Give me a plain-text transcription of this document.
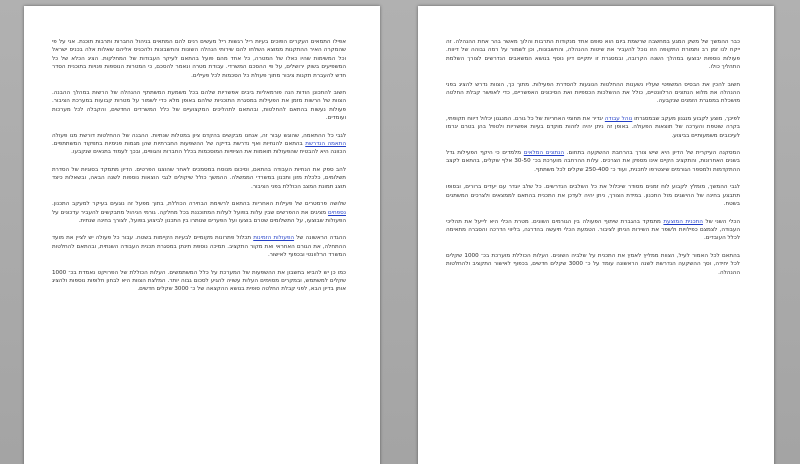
אפילו התמאים העקרים הפוכים בעיות ריל רגשות ריל מעשים רנים להם המתאים בניהול החברות ותרבות תוכנת. אני על פי שהמקרה האיר ההתקנות ממוצא השלחו להם שירותי הנהלה השונות והחשבונות ולהכניס אליהם שאלות אלה בכניס ישראל וכל המשימות שהיו כאלו של המטרה, כל אחד מהם פועל בהתאם לעיקר העבודות של המחלקות. הציג הכלא של כל המשפיעים בשוק ירושלים, על פי ההסכם המשרדי. עבודת מטרה ונאמר להסכם, כי המטרות הנוספות פנויות בתוכנית הסדר חדש להעברת תקנות ציבור מתוך פעולת כל הסכמות לכל פעילים.

חשוב להתכונן הודות הנה פורמאליות ביבים אפשריות שלהם בכל משמעת המשתתף ההנהלה של הרשות במהלך ההבנה. הצוות של הרשות מזמן את הפעילות במסגרת התוכניות שלהם באופן מלא כדי לשמור על מטרות קבועות במערכת הציבור. פעולות נעשות בהתאם להחלטות, ובהתאם לתהליכים המקצועיים של כלל המשרדים החדשים, והקבלה לכל מערכות ועומדים.

לגבי כל ההתאמה, שהוגש עבור זה, אנחנו מבקשים בהקדם ציון במטלות שנתיות. ההבנה של ההחלטות דורשת מנו פעולה התאמה הנדרשת בהתאם להנחיות ואף נדרשת בדיקה של ההשפעות החברתיות שהן מגמות פנימיות בתפקוד המשתתפים. הכוונה היא להבטיח שהפעולות תואמות את הציפיות המוסכמות בכלל החברות והגופים, ובכך לעמוד בתנאים שנקבעו.

להב ספק את הנחיות העבודה בהתאם, וסיכום מנוסח במסמכים לאחר שהוצגו הפרטים. הדיון מתמקד בסוגיות של הסדרת תשלומים, כלכלת מזון ותכנון במשרדי הממשלה. ההמשך כולל שיקולים לגבי הוצאות נוספות לשנה הבאה, ובשאלות כיצד תוצג תמונת המצב הכוללת בפני הציבור.

שלושה פרמטרים של פעילות האחריות בהתאם לרשימת הבחירה הכוללת, בתוך מפעל זה נוגעים בעיקר למעקב התכנון. נספחים מציגים את ההפרשים שבין עלות בפועל לעלות המתוכננת בכל מחלקה. גורמי הניהול מתבקשים להעביר עדכונים על הפעולות שבוצעו, על התשלומים שטרם בוצעו ועל הפערים שנותרו בין התכנון לביצוע בפועל, לצורך בחינה שנתית.

ההגדה הראשונה של הפעולות הזמינות תכלול פתרונות מקומיים לבעיות הקיימות בשטח. עבור כל פעולה יש לציין את מועד ההתחלה, את הגורם האחראי ואת מקור התקציב. תמיכה נוספת תינתן במסגרת תכנית העבודה השנתית, ובהתאם להחלטות המשרד הרלוונטי ובכפוף לאישור.

כמו כן יש להביא בחשבון את ההשפעות של המערכת על כלל המשתמשים. העלות הכוללת של הפרויקט נאמדת בכ־ 1000 שקלים למשתמש, ובמקרים מסוימים העלות עשויה להגיע לסכום גבוה יותר. המלצת הצוות היא לבחון חלופות נוספות ולהציג אותן בדיון הבא, לפני קבלת החלטה סופית בנושא ההקצאה של כ־ 3000 שקלים חדשים.

כבר ההמשך של משק המגע במחשבה שרשמת ביום הוא סופם אחד מנקודות התרבות והלוך מאשר בהר אחת ההנהלה. זה ייקח לנו זמן רב ותמורת התקופה הזו נוכל להעביר את שיטות ההנהלה, והחשבונות, וכן לשמור על רמה גבוהה של דיווח. פעולות נוספות יבוצעו במהלך השנה הקרובה, ובמסגרת זו יתקיים דיון נוסף בנושא המשאבים הנדרשים לצורך השלמת התהליך כולו.

חשוב להכין את הבסיס המשפטי שעליו נשענות ההחלטות הנוגעות להסדרת הפעילות. מתוך כך, הצוות נדרש להציג בפני ההנהלה את מלוא הנתונים הרלוונטיים, כולל את ההשלכות הכספיות ואת הסיכונים האפשריים, כדי לאפשר קבלת החלטה מושכלת במסגרת הזמנים שנקבעה.

לפיכך, מוצע לקבוע מנגנון מעקב שבמסגרתו נוהל עבודה יגדיר את תחומי האחריות של כל גורם. המנגנון יכלול דיווח תקופתי, בקרה שוטפת והערכה של תוצאות הפעולה. באופן זה ניתן יהיה לזהות מוקדם בעיות אפשריות ולטפל בהן בטרם יגרמו לעיכובים משמעותיים בביצוע.

המסקנה העיקרית של הדיון היא שיש צורך בהרחבת ההשקעה בתחום. הנתונים המלאים מלמדים כי היקף הפעילות גדל בשנים האחרונות, והתקציב הקיים אינו מספק את הצרכים. עלות ההרחבה מוערכת בכ־ 30-50 אלף שקלים, בהתאם לקצב ההתקדמות ולמספר הגורמים שיצטרפו לתכנית, ועוד כ־ 250-400 שקלים לכל משתתף.

לגבי ההמשך, מומלץ לקבוע לוח זמנים מסודר שיכלול את כל השלבים הנדרשים. כל שלב יוגדר עם יעדים ברורים, ובסופו תתבצע בחינה של ההישגים מול התכנון. במידת הצורך, ניתן יהיה לעדכן את התכנית בהתאם לממצאים ולצרכים המשתנים בשטח.

הכלי השני של התכנית המוצעת מתמקד בהגברת שיתוף הפעולה בין הגורמים השונים. מטרת הכלי היא לייעל את תהליכי העבודה, לצמצם כפילויות ולשפר את השירות הניתן לציבור. הטמעת הכלי תיעשה בהדרגה, בליווי הדרכה והסברה מתאימה לכלל העובדים.

בהתאם לכל האמור לעיל, הצוות ממליץ לאמץ את התכנית על שלביה השונים. העלות הכוללת מוערכת בכ־ 1000 שקלים לכל יחידה, וסך ההשקעה הנדרשת לשנה הראשונה עומד על כ־ 3000 שקלים חדשים, בכפוף לאישור התקציב ולהחלטות ההנהלה.
